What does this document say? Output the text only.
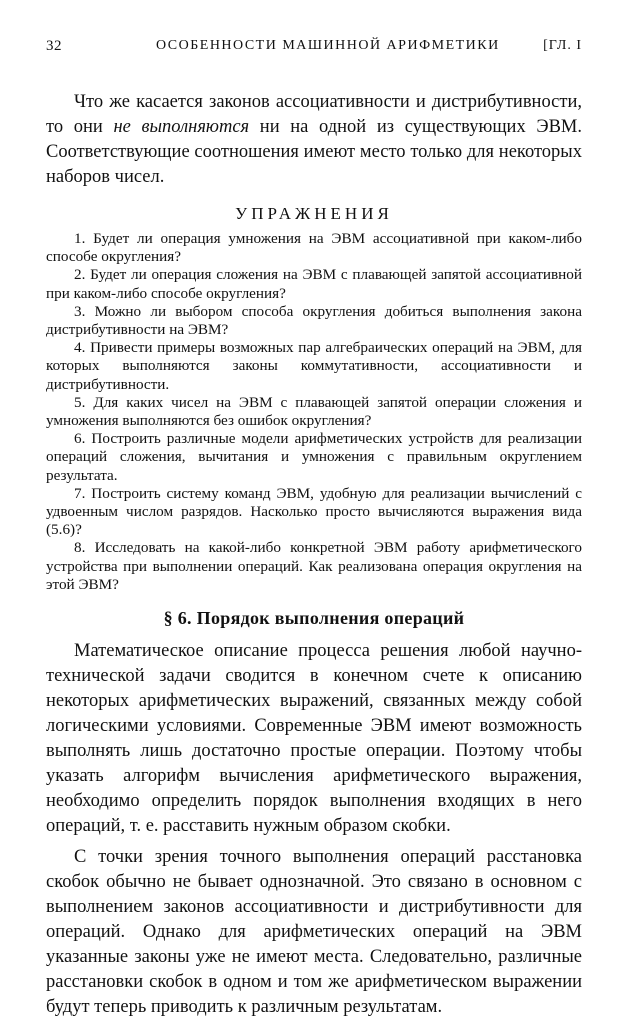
32	ОСОБЕННОСТИ МАШИННОЙ АРИФМЕТИКИ	[ГЛ. I

Что же касается законов ассоциативности и дистрибутивности, то они не выполняются ни на одной из существующих ЭВМ. Соответствующие соотношения имеют место только для некоторых наборов чисел.

УПРАЖНЕНИЯ

1. Будет ли операция умножения на ЭВМ ассоциативной при каком-либо способе округления?

2. Будет ли операция сложения на ЭВМ с плавающей запятой ассоциативной при каком-либо способе округления?

3. Можно ли выбором способа округления добиться выполнения закона дистрибутивности на ЭВМ?

4. Привести примеры возможных пар алгебраических операций на ЭВМ, для которых выполняются законы коммутативности, ассоциативности и дистрибутивности.

5. Для каких чисел на ЭВМ с плавающей запятой операции сложения и умножения выполняются без ошибок округления?

6. Построить различные модели арифметических устройств для реализации операций сложения, вычитания и умножения с правильным округлением результата.

7. Построить систему команд ЭВМ, удобную для реализации вычислений с удвоенным числом разрядов. Насколько просто вычисляются выражения вида (5.6)?

8. Исследовать на какой-либо конкретной ЭВМ работу арифметического устройства при выполнении операций. Как реализована операция округления на этой ЭВМ?

§ 6. Порядок выполнения операций

Математическое описание процесса решения любой научно-технической задачи сводится в конечном счете к описанию некоторых арифметических выражений, связанных между собой логическими условиями. Современные ЭВМ имеют возможность выполнять лишь достаточно простые операции. Поэтому чтобы указать алгорифм вычисления арифметического выражения, необходимо определить порядок выполнения входящих в него операций, т. е. расставить нужным образом скобки.

С точки зрения точного выполнения операций расстановка скобок обычно не бывает однозначной. Это связано в основном с выполнением законов ассоциативности и дистрибутивности для операций. Однако для арифметических операций на ЭВМ указанные законы уже не имеют места. Следовательно, различные расстановки скобок в одном и том же арифметическом выражении будут теперь приводить к различным результатам.
